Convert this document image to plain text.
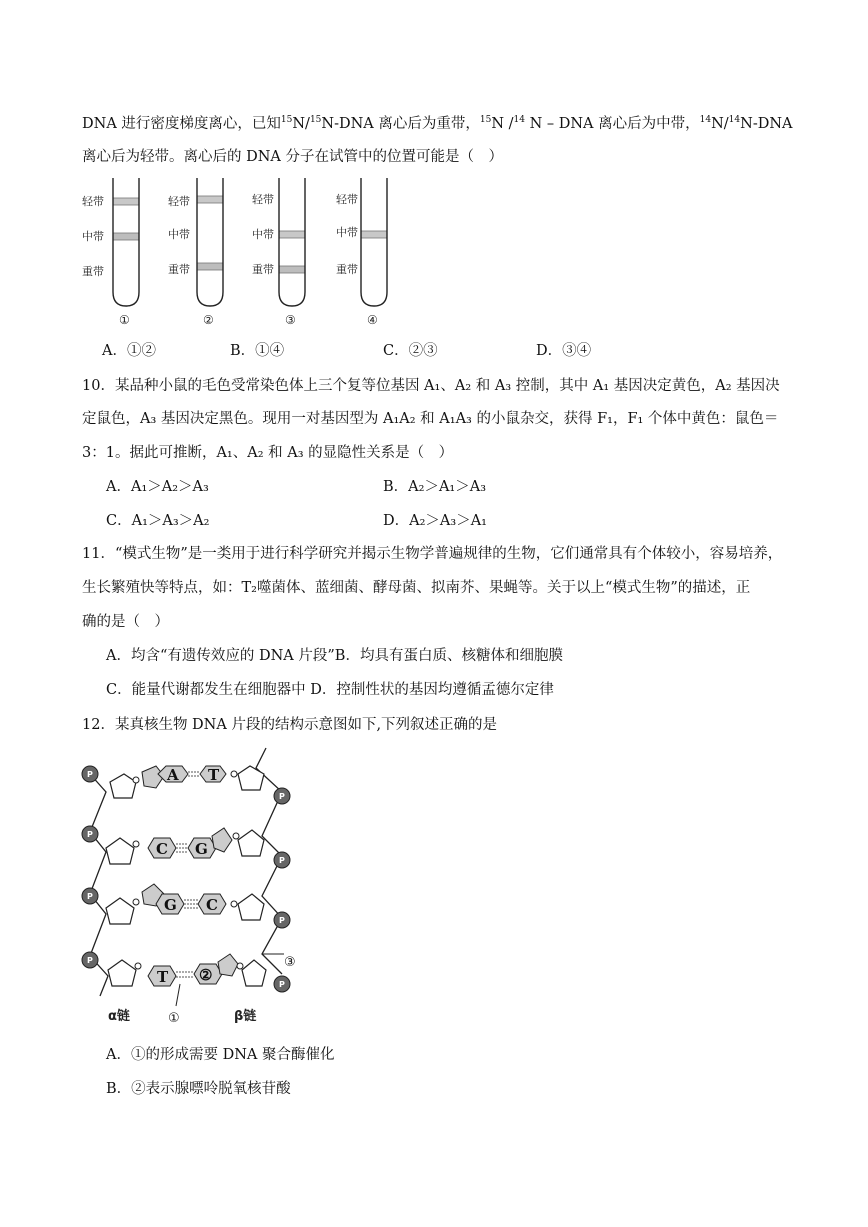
DNA 进行密度梯度离心，已知$^{15}$N/$^{15}$N-DNA 离心后为重带，$^{15}$N /$^{14}$ N – DNA 离心后为中带，$^{14}$N/$^{14}$N-DNA
离心后为轻带。离心后的 DNA 分子在试管中的位置可能是（　）
轻带
中带
重带
①
轻带
中带
重带
②
轻带
中带
重带
③
轻带
中带
重带
④
A．①②	B．①④	C．②③	D．③④
10．某品种小鼠的毛色受常染色体上三个复等位基因 A₁、A₂ 和 A₃ 控制，其中 A₁ 基因决定黄色，A₂ 基因决
定鼠色，A₃ 基因决定黑色。现用一对基因型为 A₁A₂ 和 A₁A₃ 的小鼠杂交，获得 F₁，F₁ 个体中黄色：鼠色＝
3：1。据此可推断，A₁、A₂ 和 A₃ 的显隐性关系是（　）
A．A₁＞A₂＞A₃	B．A₂＞A₁＞A₃
C．A₁＞A₃＞A₂	D．A₂＞A₃＞A₁
11．“模式生物”是一类用于进行科学研究并揭示生物学普遍规律的生物，它们通常具有个体较小，容易培养，
生长繁殖快等特点，如：T₂噬菌体、蓝细菌、酵母菌、拟南芥、果蝇等。关于以上“模式生物”的描述，正
确的是（　）
A．均含“有遗传效应的 DNA 片段”B．均具有蛋白质、核糖体和细胞膜
C．能量代谢都发生在细胞器中 D．控制性状的基因均遵循孟德尔定律
12．某真核生物 DNA 片段的结构示意图如下,下列叙述正确的是
A T
C G
G C
T ②
P
P
P
P
P
P
P
P
③
①
α链	β链
A．①的形成需要 DNA 聚合酶催化
B．②表示腺嘌呤脱氧核苷酸
